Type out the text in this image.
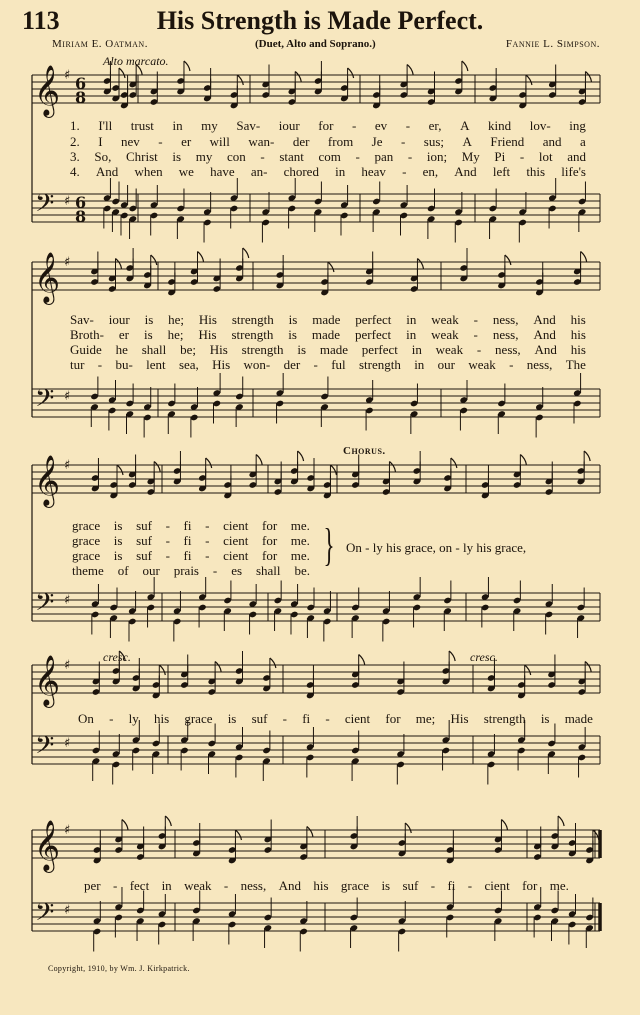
𝄞
𝄢
♯
♯
6
8
6
8
𝄞
𝄢
♯
♯
𝄞
𝄢
♯
♯
𝄞
𝄢
♯
♯
𝄞
𝄢
♯
♯
113	His Strength is Made Perfect.
Miriam E. Oatman.	(Duet, Alto and Soprano.)	Fannie L. Simpson.
Alto marcato.
1. I'll trust in my Sav- iour for - ev - er, A kind lov- ing
2. I nev - er will wan- der from Je - sus; A Friend and a
3. So, Christ is my con - stant com - pan - ion; My Pi - lot and
4. And when we have an- chored in heav - en, And left this life's
Sav- iour is he; His strength is made perfect in weak - ness, And his
Broth- er is he; His strength is made perfect in weak - ness, And his
Guide he shall be; His strength is made perfect in weak - ness, And his
tur - bu- lent sea, His won- der - ful strength in our weak - ness, The
Chorus.
grace is suf - fi - cient for me.
grace is suf - fi - cient for me.
grace is suf - fi - cient for me.
theme of our prais - es shall be.
} On - ly his grace, on - ly his grace,
cresc.	cresc.
On - ly his grace is suf - fi - cient for me; His strength is made
per - fect in weak - ness, And his grace is suf - fi - cient for me.
Copyright, 1910, by Wm. J. Kirkpatrick.
